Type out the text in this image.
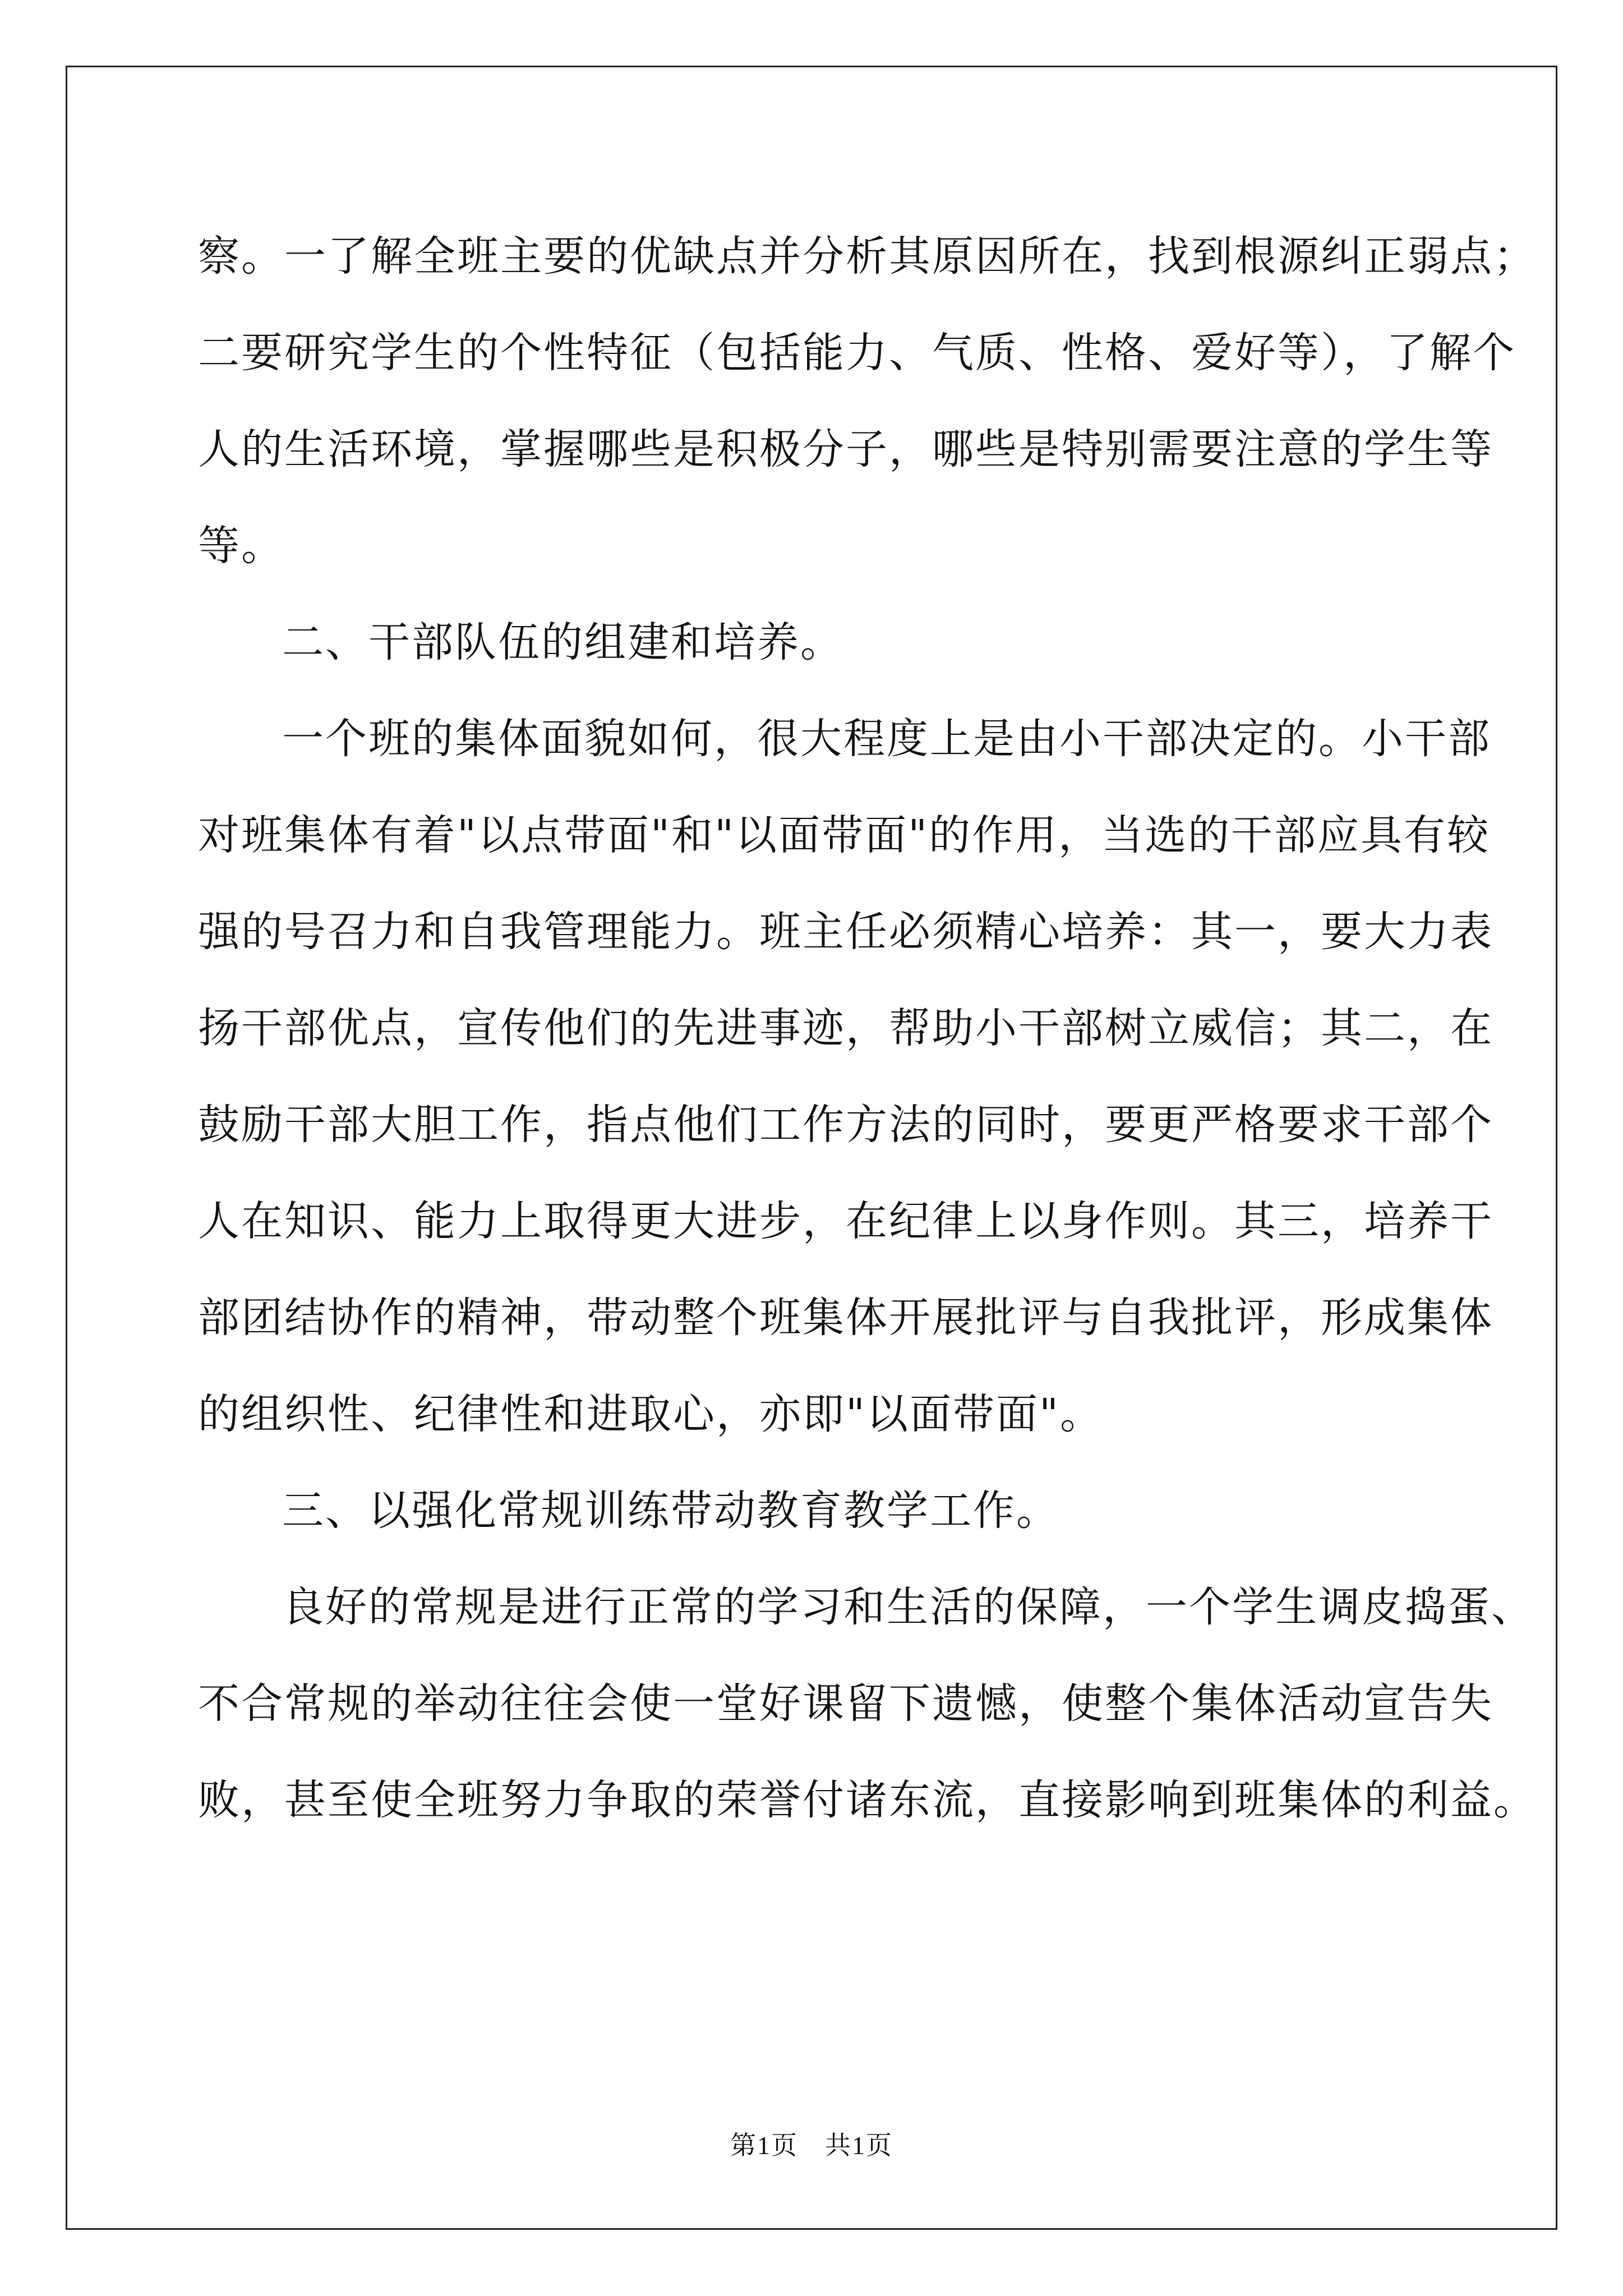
察。一了解全班主要的优缺点并分析其原因所在，找到根源纠正弱点；
二要研究学生的个性特征（包括能力、气质、性格、爱好等），了解个
人的生活环境，掌握哪些是积极分子，哪些是特别需要注意的学生等
等。
二、干部队伍的组建和培养。
一个班的集体面貌如何，很大程度上是由小干部决定的。小干部
对班集体有着"以点带面"和"以面带面"的作用，当选的干部应具有较
强的号召力和自我管理能力。班主任必须精心培养：其一，要大力表
扬干部优点，宣传他们的先进事迹，帮助小干部树立威信；其二，在
鼓励干部大胆工作，指点他们工作方法的同时，要更严格要求干部个
人在知识、能力上取得更大进步，在纪律上以身作则。其三，培养干
部团结协作的精神，带动整个班集体开展批评与自我批评，形成集体
的组织性、纪律性和进取心，亦即"以面带面"。
三、以强化常规训练带动教育教学工作。
良好的常规是进行正常的学习和生活的保障，一个学生调皮捣蛋、
不合常规的举动往往会使一堂好课留下遗憾，使整个集体活动宣告失
败，甚至使全班努力争取的荣誉付诸东流，直接影响到班集体的利益。
第1页　共1页
